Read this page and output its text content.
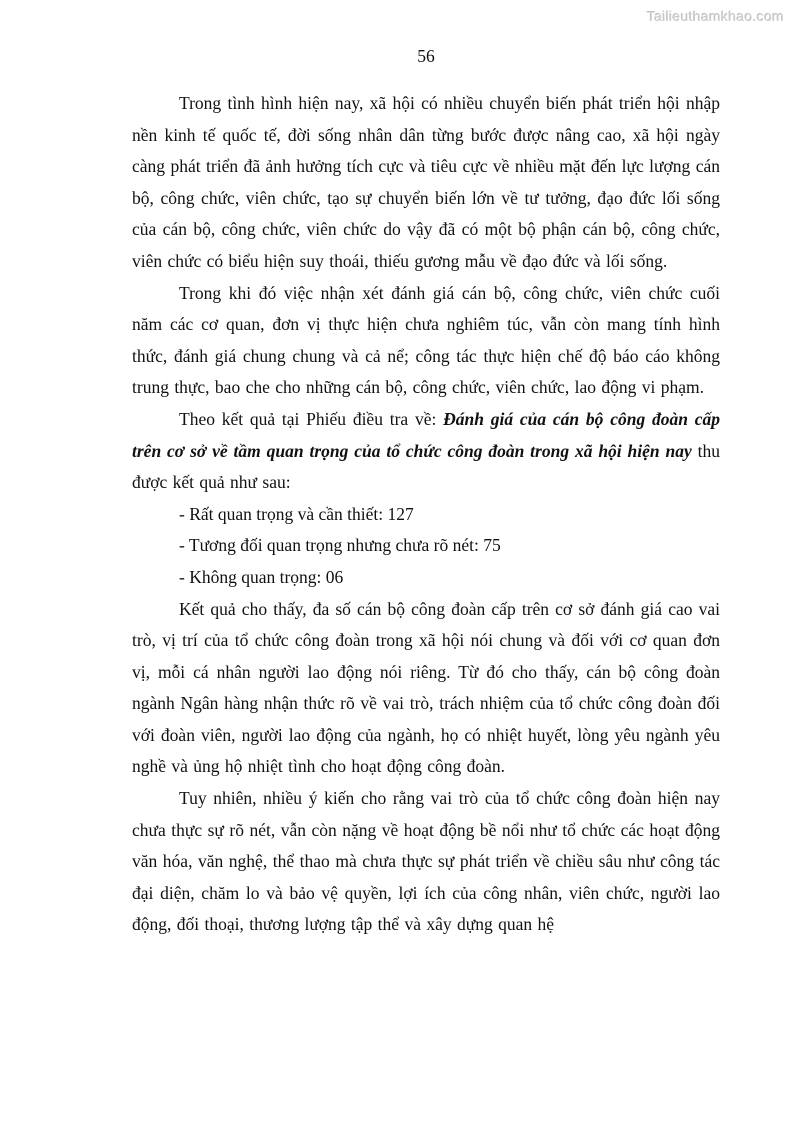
Tailieuthamkhao.com
56

Trong tình hình hiện nay, xã hội có nhiều chuyển biến phát triển hội nhập nền kinh tế quốc tế, đời sống nhân dân từng bước được nâng cao, xã hội ngày càng phát triển đã ảnh hưởng tích cực và tiêu cực về nhiều mặt đến lực lượng cán bộ, công chức, viên chức, tạo sự chuyển biến lớn về tư tưởng, đạo đức lối sống của cán bộ, công chức, viên chức do vậy đã có một bộ phận cán bộ, công chức, viên chức có biểu hiện suy thoái, thiếu gương mẫu về đạo đức và lối sống.

Trong khi đó việc nhận xét đánh giá cán bộ, công chức, viên chức cuối năm các cơ quan, đơn vị thực hiện chưa nghiêm túc, vẫn còn mang tính hình thức, đánh giá chung chung và cả nể; công tác thực hiện chế độ báo cáo không trung thực, bao che cho những cán bộ, công chức, viên chức, lao động vi phạm.

Theo kết quả tại Phiếu điều tra về: Đánh giá của cán bộ công đoàn cấp trên cơ sở về tầm quan trọng của tổ chức công đoàn trong xã hội hiện nay thu được kết quả như sau:

- Rất quan trọng và cần thiết: 127

- Tương đối quan trọng nhưng chưa rõ nét: 75

- Không quan trọng: 06

Kết quả cho thấy, đa số cán bộ công đoàn cấp trên cơ sở đánh giá cao vai trò, vị trí của tổ chức công đoàn trong xã hội nói chung và đối với cơ quan đơn vị, mỗi cá nhân người lao động nói riêng. Từ đó cho thấy, cán bộ công đoàn ngành Ngân hàng nhận thức rõ về vai trò, trách nhiệm của tổ chức công đoàn đối với đoàn viên, người lao động của ngành, họ có nhiệt huyết, lòng yêu ngành yêu nghề và ủng hộ nhiệt tình cho hoạt động công đoàn.

Tuy nhiên, nhiều ý kiến cho rằng vai trò của tổ chức công đoàn hiện nay chưa thực sự rõ nét, vẫn còn nặng về hoạt động bề nổi như tổ chức các hoạt động văn hóa, văn nghệ, thể thao mà chưa thực sự phát triển về chiều sâu như công tác đại diện, chăm lo và bảo vệ quyền, lợi ích của công nhân, viên chức, người lao động, đối thoại, thương lượng tập thể và xây dựng quan hệ
